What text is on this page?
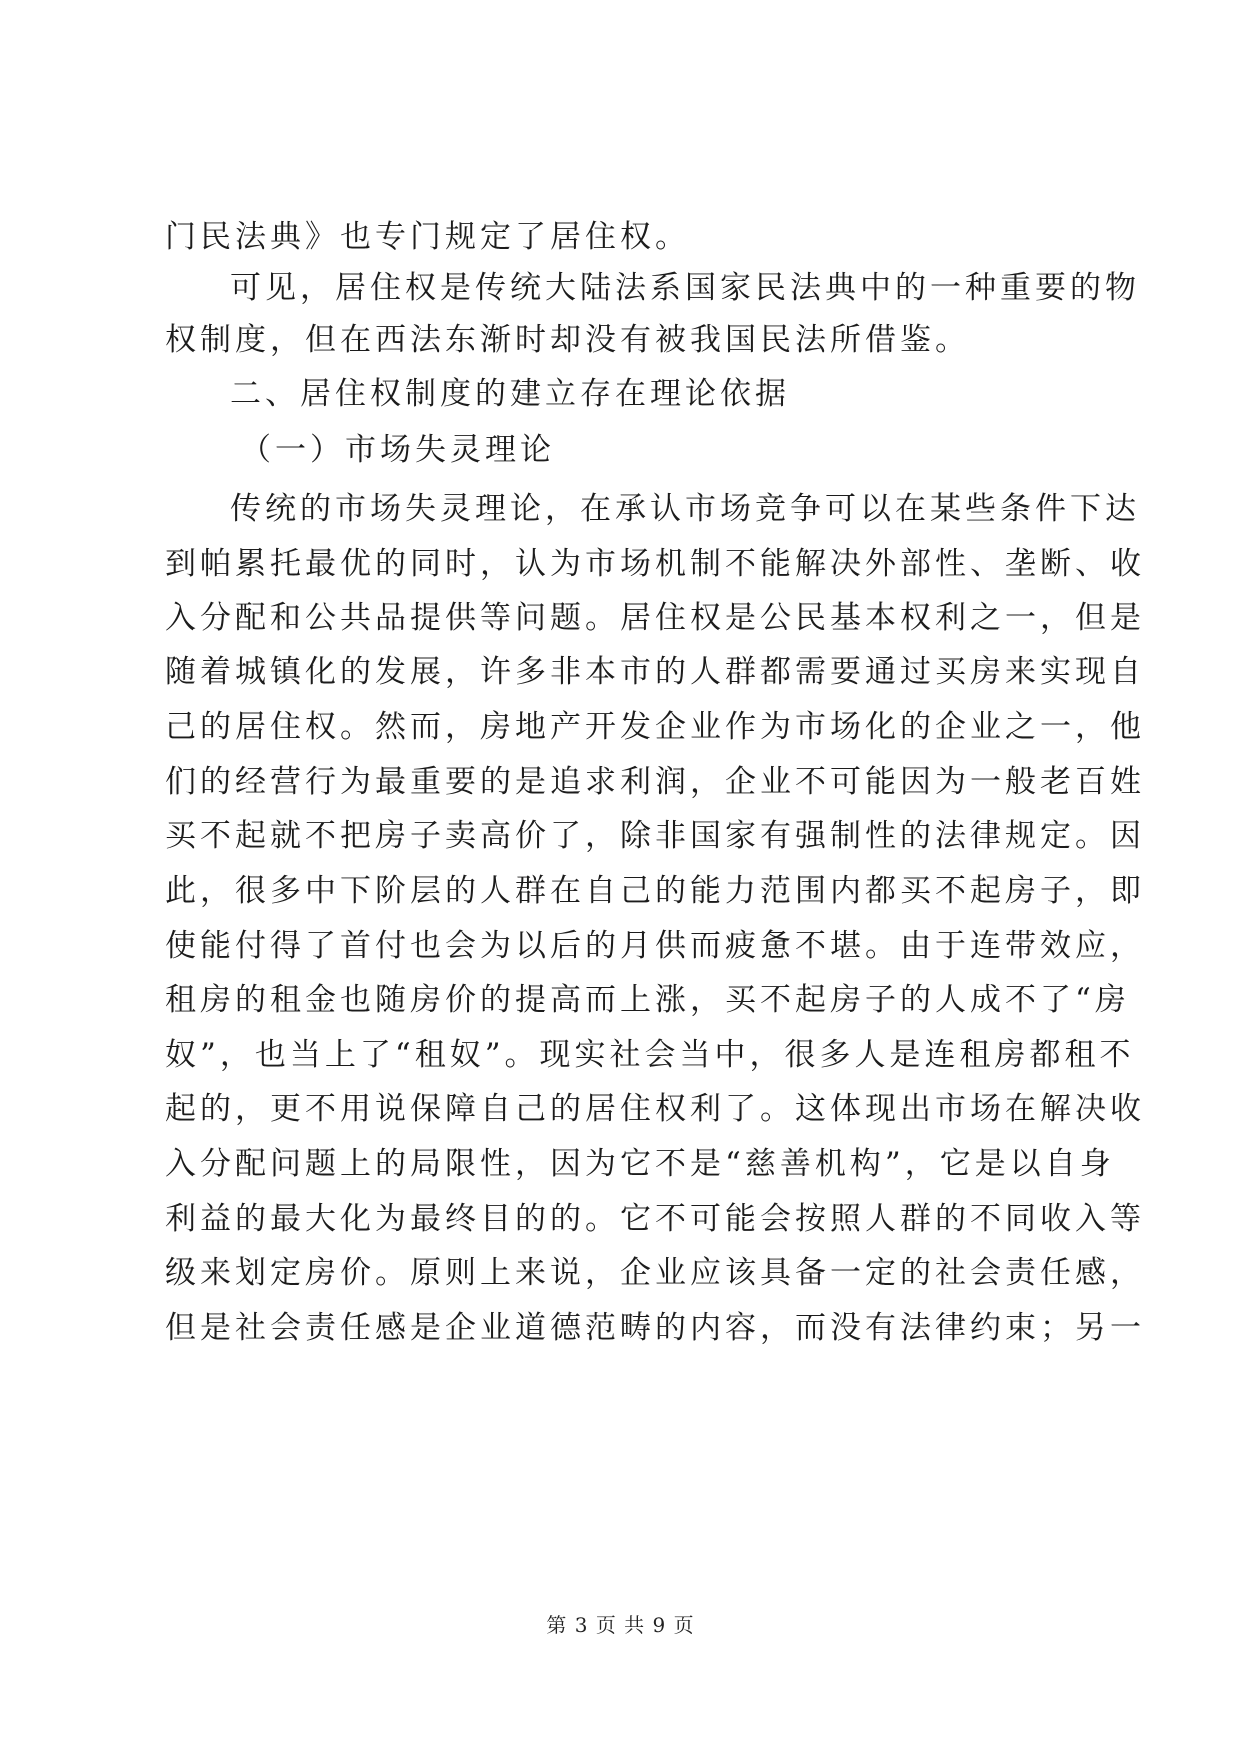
门民法典》也专门规定了居住权。
可见，居住权是传统大陆法系国家民法典中的一种重要的物
权制度，但在西法东渐时却没有被我国民法所借鉴。
二、居住权制度的建立存在理论依据
（一）市场失灵理论
传统的市场失灵理论，在承认市场竞争可以在某些条件下达
到帕累托最优的同时，认为市场机制不能解决外部性、垄断、收
入分配和公共品提供等问题。居住权是公民基本权利之一，但是
随着城镇化的发展，许多非本市的人群都需要通过买房来实现自
己的居住权。然而，房地产开发企业作为市场化的企业之一，他
们的经营行为最重要的是追求利润，企业不可能因为一般老百姓
买不起就不把房子卖高价了，除非国家有强制性的法律规定。因
此，很多中下阶层的人群在自己的能力范围内都买不起房子，即
使能付得了首付也会为以后的月供而疲惫不堪。由于连带效应，
租房的租金也随房价的提高而上涨，买不起房子的人成不了“房
奴”，也当上了“租奴”。现实社会当中，很多人是连租房都租不
起的，更不用说保障自己的居住权利了。这体现出市场在解决收
入分配问题上的局限性，因为它不是“慈善机构”，它是以自身
利益的最大化为最终目的的。它不可能会按照人群的不同收入等
级来划定房价。原则上来说，企业应该具备一定的社会责任感，
但是社会责任感是企业道德范畴的内容，而没有法律约束；另一
第 3 页 共 9 页
